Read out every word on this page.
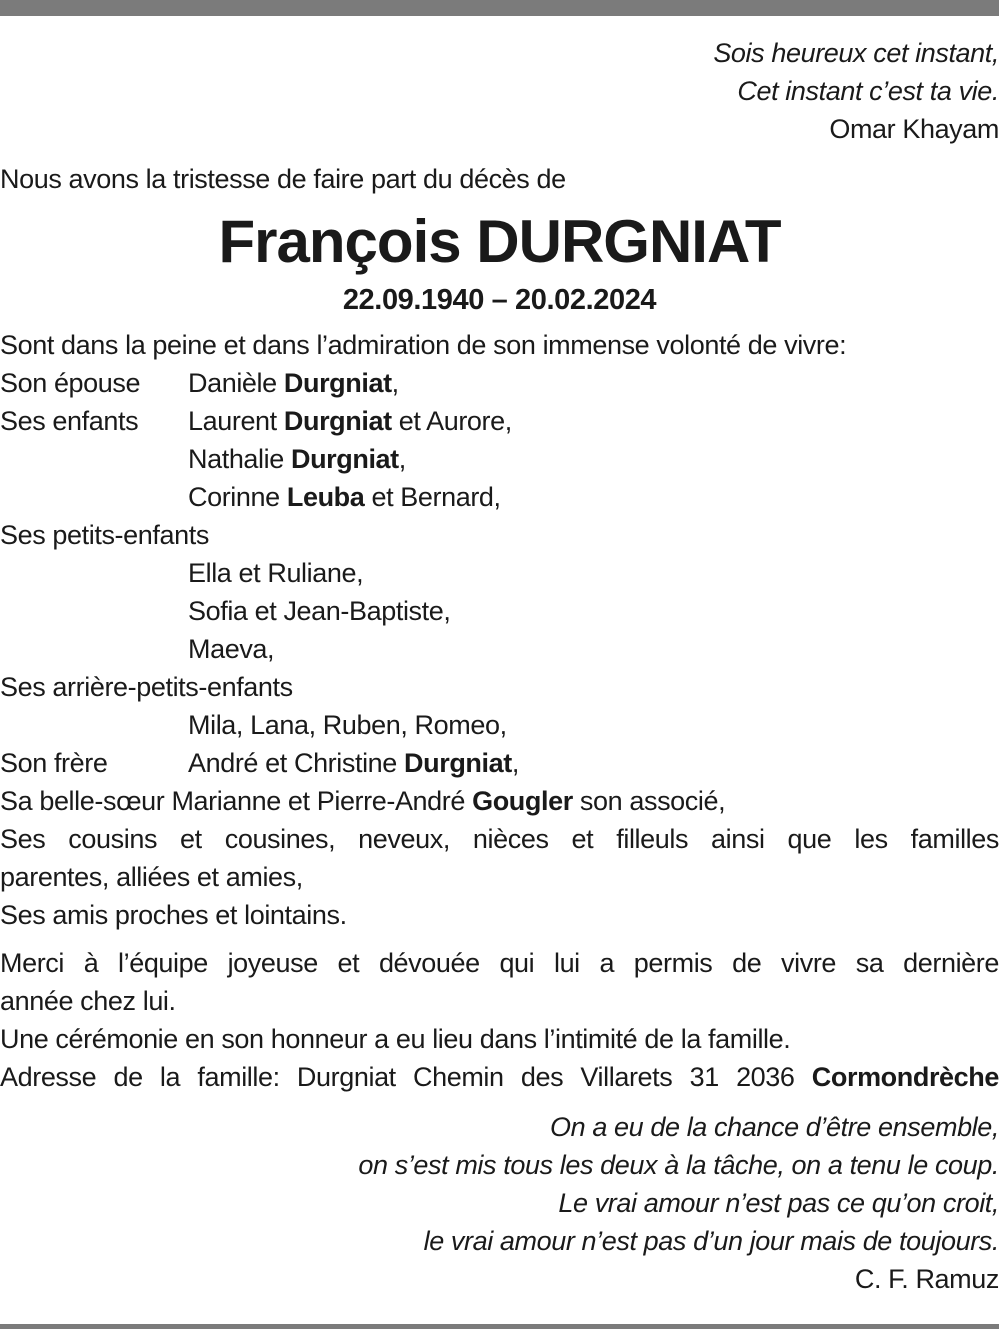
Sois heureux cet instant,
Cet instant c’est ta vie.
Omar Khayam
Nous avons la tristesse de faire part du décès de
François DURGNIAT
22.09.1940 – 20.02.2024
Sont dans la peine et dans l’admiration de son immense volonté de vivre:
Son épouse	Danièle Durgniat,
Ses enfants	Laurent Durgniat et Aurore,
Nathalie Durgniat,
Corinne Leuba et Bernard,
Ses petits-enfants
Ella et Ruliane,
Sofia et Jean-Baptiste,
Maeva,
Ses arrière-petits-enfants
Mila, Lana, Ruben, Romeo,
Son frère	André et Christine Durgniat,
Sa belle-sœur Marianne et Pierre-André Gougler son associé,
Ses cousins et cousines, neveux, nièces et filleuls ainsi que les familles
parentes, alliées et amies,
Ses amis proches et lointains.
Merci à l’équipe joyeuse et dévouée qui lui a permis de vivre sa dernière
année chez lui.
Une cérémonie en son honneur a eu lieu dans l’intimité de la famille.
Adresse de la famille: Durgniat Chemin des Villarets 31 2036 Cormondrèche
On a eu de la chance d’être ensemble,
on s’est mis tous les deux à la tâche, on a tenu le coup.
Le vrai amour n’est pas ce qu’on croit,
le vrai amour n’est pas d’un jour mais de toujours.
C. F. Ramuz
